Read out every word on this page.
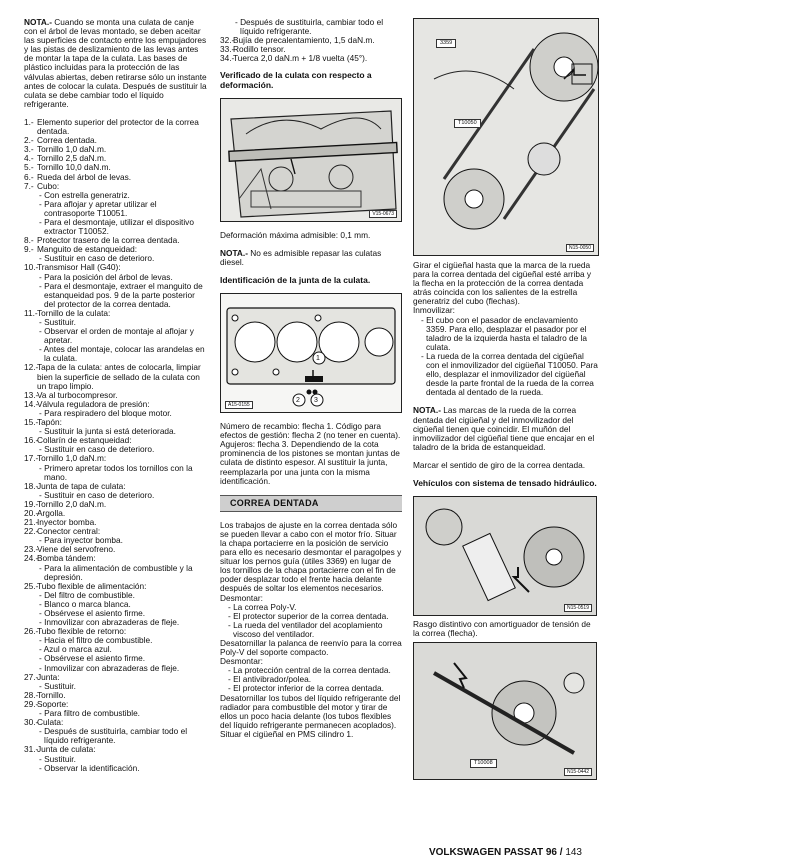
NOTA.- Cuando se monta una culata de canje con el árbol de levas montado, se deben aceitar las superficies de contacto entre los empujadores y las pistas de deslizamiento de las levas antes de montar la tapa de la culata. Las bases de plástico incluidas para la protección de las válvulas abiertas, deben retirarse sólo un instante antes de colocar la culata. Después de sustituir la culata se debe cambiar todo el líquido refrigerante.

1.- Elemento superior del protector de la correa dentada.
2.- Correa dentada.
3.- Tornillo 1,0 daN.m.
4.- Tornillo 2,5 daN.m.
5.- Tornillo 10,0 daN.m.
6.- Rueda del árbol de levas.
7.- Cubo:
- Con estrella generatriz.
- Para aflojar y apretar utilizar el contrasoporte T10051.
- Para el desmontaje, utilizar el dispositivo extractor T10052.
8.- Protector trasero de la correa dentada.
9.- Manguito de estanqueidad:
- Sustituir en caso de deterioro.
10.-
Transmisor Hall (G40):
- Para la posición del árbol de levas.
- Para el desmontaje, extraer el manguito de estanqueidad pos. 9 de la parte posterior del protector de la correa dentada.
11.- Tornillo de la culata:
- Sustituir.
- Observar el orden de montaje al aflojar y apretar.
- Antes del montaje, colocar las arandelas en la culata.
12.-
Tapa de la culata: antes de colocarla, limpiar bien la superficie de sellado de la culata con un trapo limpio.
13.-
Va al turbocompresor.
14.-
Válvula reguladora de presión:
- Para respiradero del bloque motor.
15.-
Tapón:
- Sustituir la junta si está deteriorada.
16.-
Collarín de estanqueidad:
- Sustituir en caso de deterioro.
17.-
Tornillo 1,0 daN.m:
- Primero apretar todos los tornillos con la mano.
18.-
Junta de tapa de culata:
- Sustituir en caso de deterioro.
19.-
Tornillo 2,0 daN.m.
20.-
Argolla.
21.-
Inyector bomba.
22.-
Conector central:
- Para inyector bomba.
23.-
Viene del servofreno.
24.-
Bomba tándem:
- Para la alimentación de combustible y la depresión.
25.-
Tubo flexible de alimentación:
- Del filtro de combustible.
- Blanco o marca blanca.
- Obsérvese el asiento firme.
- Inmovilizar con abrazaderas de fleje.
26.-
Tubo flexible de retorno:
- Hacia el filtro de combustible.
- Azul o marca azul.
- Obsérvese el asiento firme.
- Inmovilizar con abrazaderas de fleje.
27.-
Junta:
- Sustituir.
28.-
Tornillo.
29.-
Soporte:
- Para filtro de combustible.
30.-
Culata:
- Después de sustituirla, cambiar todo el líquido refrigerante.
31.-
Junta de culata:
- Sustituir.
- Observar la identificación.
- Después de sustituirla, cambiar todo el líquido refrigerante.
32.-
Bujía de precalentamiento, 1,5 daN.m.
33.-
Rodillo tensor.
34.-
Tuerca 2,0 daN.m + 1/8 vuelta (45°).
Verificado de la culata con respecto a deformación.
V15-0673

Deformación máxima admisible: 0,1 mm.

NOTA.- No es admisible repasar las culatas diesel.

Identificación de la junta de la culata.
1
2 3
A15-0155

Número de recambio: flecha 1. Código para efectos de gestión: flecha 2 (no tener en cuenta). Agujeros: flecha 3. Dependiendo de la cota prominencia de los pistones se montan juntas de culata de distinto espesor. Al sustituir la junta, reemplazarla por una junta con la misma identificación.

CORREA DENTADA

Los trabajos de ajuste en la correa dentada sólo se pueden llevar a cabo con el motor frío. Situar la chapa portacierre en la posición de servicio para ello es necesario desmontar el paragolpes y situar los pernos guía (útiles 3369) en lugar de los tornillos de la chapa portacierre con el fin de poder desplazar todo el frente hacia delante después de soltar los elementos necesarios.

Desmontar:
- La correa Poly-V.
- El protector superior de la correa dentada.
- La rueda del ventilador del acoplamiento viscoso del ventilador.
Desatornillar la palanca de reenvío para la correa Poly-V del soporte compacto.
Desmontar:
- La protección central de la correa dentada.
- El antivibrador/polea.
- El protector inferior de la correa dentada.
Desatornillar los tubos del líquido refrigerante del radiador para combustible del motor y tirar de ellos un poco hacia delante (los tubos flexibles del líquido refrigerante permanecen acoplados).
Situar el cigüeñal en PMS cilindro 1.
3359
T10050
N15-0050

Girar el cigüeñal hasta que la marca de la rueda para la correa dentada del cigüeñal esté arriba y la flecha en la protección de la correa dentada atrás coincida con los salientes de la estrella generatriz del cubo (flechas).

Inmovilizar:
- El cubo con el pasador de enclavamiento 3359. Para ello, desplazar el pasador por el taladro de la izquierda hasta el taladro de la culata.
- La rueda de la correa dentada del cigüeñal con el inmovilizador del cigüeñal T10050. Para ello, desplazar el inmovilizador del cigüeñal desde la parte frontal de la rueda de la correa dentada al dentado de la rueda.

NOTA.- Las marcas de la rueda de la correa dentada del cigüeñal y del inmovilizador del cigüeñal tienen que coincidir. El muñón del inmovilizador del cigüeñal tiene que encajar en el taladro de la brida de estanqueidad.

Marcar el sentido de giro de la correa dentada.

Vehículos con sistema de tensado hidráulico.
N15-0519

Rasgo distintivo con amortiguador de tensión de la correa (flecha).

T10008
N15-0442
VOLKSWAGEN PASSAT 96 / 143
